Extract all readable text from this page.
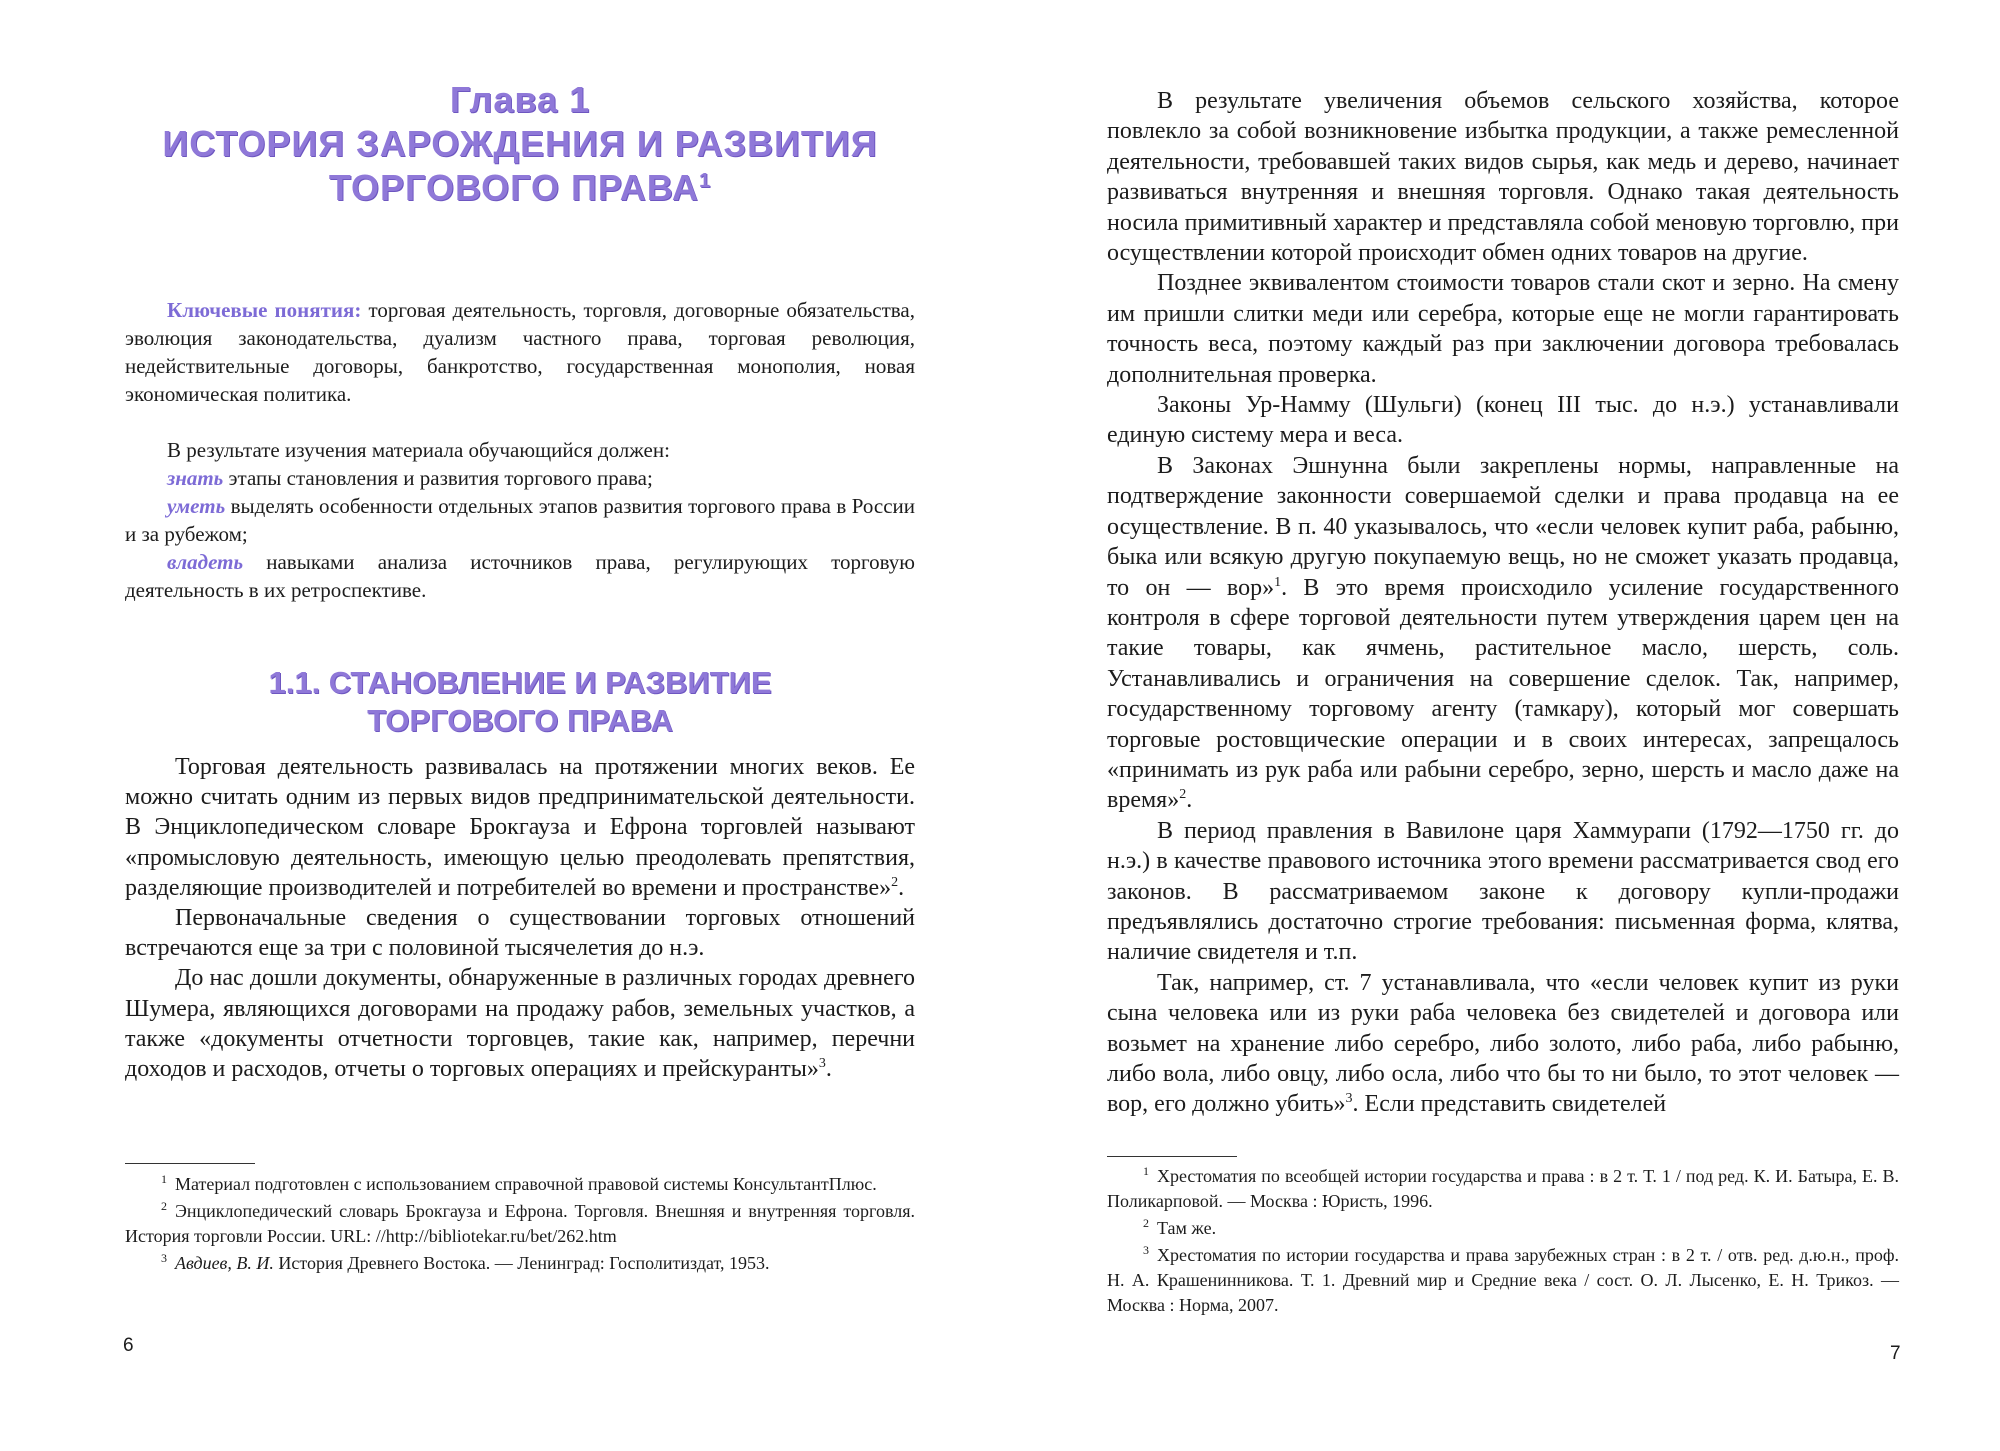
Глава 1
ИСТОРИЯ ЗАРОЖДЕНИЯ И РАЗВИТИЯ
ТОРГОВОГО ПРАВА$^1$
Ключевые понятия: торговая деятельность, торговля, договорные обязательства, эволюция законодательства, дуализм частного права, торговая революция, недействительные договоры, банкротство, государственная монополия, новая экономическая политика.

В результате изучения материала обучающийся должен:

знать этапы становления и развития торгового права;

уметь выделять особенности отдельных этапов развития торгового права в России и за рубежом;

владеть навыками анализа источников права, регулирующих торговую деятельность в их ретроспективе.

1.1. СТАНОВЛЕНИЕ И РАЗВИТИЕ
ТОРГОВОГО ПРАВА

Торговая деятельность развивалась на протяжении многих веков. Ее можно считать одним из первых видов предпринимательской деятельности. В Энциклопедическом словаре Брокгауза и Ефрона торговлей называют «промысловую деятельность, имеющую целью преодолевать препятствия, разделяющие производителей и потребителей во времени и пространстве»$^2$.

Первоначальные сведения о существовании торговых отношений встречаются еще за три с половиной тысячелетия до н.э.

До нас дошли документы, обнаруженные в различных городах древнего Шумера, являющихся договорами на продажу рабов, земельных участков, а также «документы отчетности торговцев, такие как, например, перечни доходов и расходов, отчеты о торговых операциях и прейскуранты»$^3$.

$^1$ Материал подготовлен с использованием справочной правовой системы КонсультантПлюс.

$^2$ Энциклопедический словарь Брокгауза и Ефрона. Торговля. Внешняя и внутренняя торговля. История торговли России. URL: //http://bibliotekar.ru/bet/262.htm

$^3$ Авдиев, В. И. История Древнего Востока. — Ленинград: Госполитиздат, 1953.

6

В результате увеличения объемов сельского хозяйства, которое повлекло за собой возникновение избытка продукции, а также ремесленной деятельности, требовавшей таких видов сырья, как медь и дерево, начинает развиваться внутренняя и внешняя торговля. Однако такая деятельность носила примитивный характер и представляла собой меновую торговлю, при осуществлении которой происходит обмен одних товаров на другие.

Позднее эквивалентом стоимости товаров стали скот и зерно. На смену им пришли слитки меди или серебра, которые еще не могли гарантировать точность веса, поэтому каждый раз при заключении договора требовалась дополнительная проверка.

Законы Ур-Намму (Шульги) (конец III тыс. до н.э.) устанавливали единую систему мера и веса.

В Законах Эшнунна были закреплены нормы, направленные на подтверждение законности совершаемой сделки и права продавца на ее осуществление. В п. 40 указывалось, что «если человек купит раба, рабыню, быка или всякую другую покупаемую вещь, но не сможет указать продавца, то он — вор»$^1$. В это время происходило усиление государственного контроля в сфере торговой деятельности путем утверждения царем цен на такие товары, как ячмень, растительное масло, шерсть, соль. Устанавливались и ограничения на совершение сделок. Так, например, государственному торговому агенту (тамкару), который мог совершать торговые ростовщические операции и в своих интересах, запрещалось «принимать из рук раба или рабыни серебро, зерно, шерсть и масло даже на время»$^2$.

В период правления в Вавилоне царя Хаммурапи (1792—1750 гг. до н.э.) в качестве правового источника этого времени рассматривается свод его законов. В рассматриваемом законе к договору купли-продажи предъявлялись достаточно строгие требования: письменная форма, клятва, наличие свидетеля и т.п.

Так, например, ст. 7 устанавливала, что «если человек купит из руки сына человека или из руки раба человека без свидетелей и договора или возьмет на хранение либо серебро, либо золото, либо раба, либо рабыню, либо вола, либо овцу, либо осла, либо что бы то ни было, то этот человек — вор, его должно убить»$^3$. Если представить свидетелей

$^1$ Хрестоматия по всеобщей истории государства и права : в 2 т. Т. 1 / под ред. К. И. Батыра, Е. В. Поликарповой. — Москва : Юристь, 1996.

$^2$ Там же.

$^3$ Хрестоматия по истории государства и права зарубежных стран : в 2 т. / отв. ред. д.ю.н., проф. Н. А. Крашенинникова. Т. 1. Древний мир и Средние века / сост. О. Л. Лысенко, Е. Н. Трикоз. — Москва : Норма, 2007.

7
